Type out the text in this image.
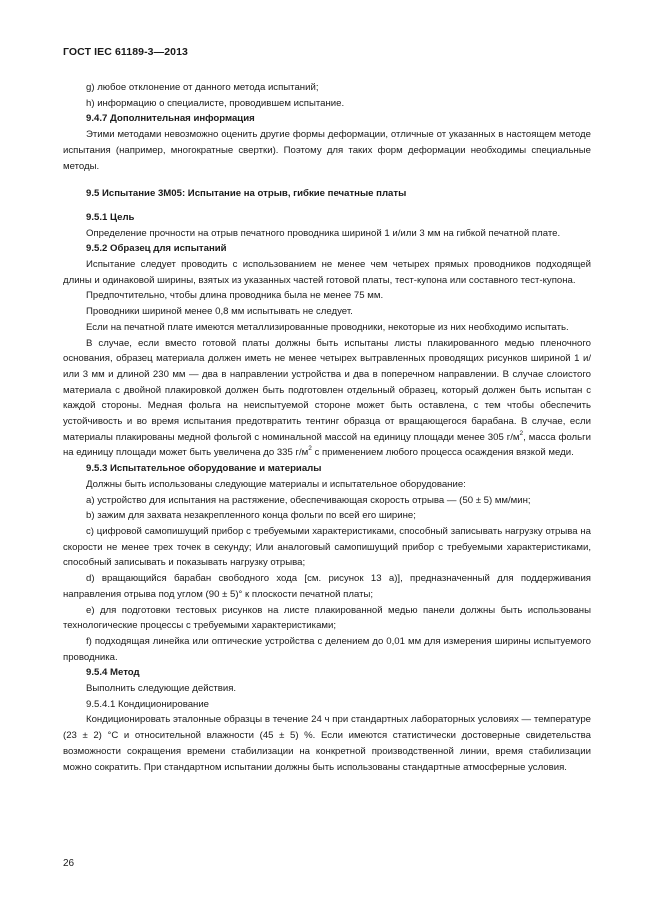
ГОСТ IEC 61189-3—2013

g) любое отклонение от данного метода испытаний;

h) информацию о специалисте, проводившем испытание.

9.4.7 Дополнительная информация

Этими методами невозможно оценить другие формы деформации, отличные от указанных в настоящем методе испытания (например, многократные свертки). Поэтому для таких форм деформации необходимы специальные методы.

9.5 Испытание 3М05: Испытание на отрыв, гибкие печатные платы

9.5.1 Цель

Определение прочности на отрыв печатного проводника шириной 1 и/или 3 мм на гибкой печатной плате.

9.5.2 Образец для испытаний

Испытание следует проводить с использованием не менее чем четырех прямых проводников подходящей длины и одинаковой ширины, взятых из указанных частей готовой платы, тест-купона или составного тест-купона.

Предпочтительно, чтобы длина проводника была не менее 75 мм.

Проводники шириной менее 0,8 мм испытывать не следует.

Если на печатной плате имеются металлизированные проводники, некоторые из них необходимо испытать.

В случае, если вместо готовой платы должны быть испытаны листы плакированного медью пленочного основания, образец материала должен иметь не менее четырех вытравленных проводящих рисунков шириной 1 и/или 3 мм и длиной 230 мм — два в направлении устройства и два в поперечном направлении. В случае слоистого материала с двойной плакировкой должен быть подготовлен отдельный образец, который должен быть испытан с каждой стороны. Медная фольга на неиспытуемой стороне может быть оставлена, с тем чтобы обеспечить устойчивость и во время испытания предотвратить тентинг образца от вращающегося барабана. В случае, если материалы плакированы медной фольгой с номинальной массой на единицу площади менее 305 $г/м^2$, масса фольги на единицу площади может быть увеличена до 335 $г/м^2$ с применением любого процесса осаждения вязкой меди.

9.5.3 Испытательное оборудование и материалы

Должны быть использованы следующие материалы и испытательное оборудование:

a) устройство для испытания на растяжение, обеспечивающая скорость отрыва — (50 ± 5) мм/мин;

b) зажим для захвата незакрепленного конца фольги по всей его ширине;

c) цифровой самопишущий прибор с требуемыми характеристиками, способный записывать нагрузку отрыва на скорости не менее трех точек в секунду; Или аналоговый самопишущий прибор с требуемыми характеристиками, способный записывать и показывать нагрузку отрыва;

d) вращающийся барабан свободного хода [см. рисунок 13 а)], предназначенный для поддерживания направления отрыва под углом (90 ± 5)° к плоскости печатной платы;

e) для подготовки тестовых рисунков на листе плакированной медью панели должны быть использованы технологические процессы с требуемыми характеристиками;

f) подходящая линейка или оптические устройства с делением до 0,01 мм для измерения ширины испытуемого проводника.

9.5.4 Метод

Выполнить следующие действия.

9.5.4.1 Кондиционирование

Кондиционировать эталонные образцы в течение 24 ч при стандартных лабораторных условиях — температуре (23 ± 2) °С и относительной влажности (45 ± 5) %. Если имеются статистически достоверные свидетельства возможности сокращения времени стабилизации на конкретной производственной линии, время стабилизации можно сократить. При стандартном испытании должны быть использованы стандартные атмосферные условия.

26
